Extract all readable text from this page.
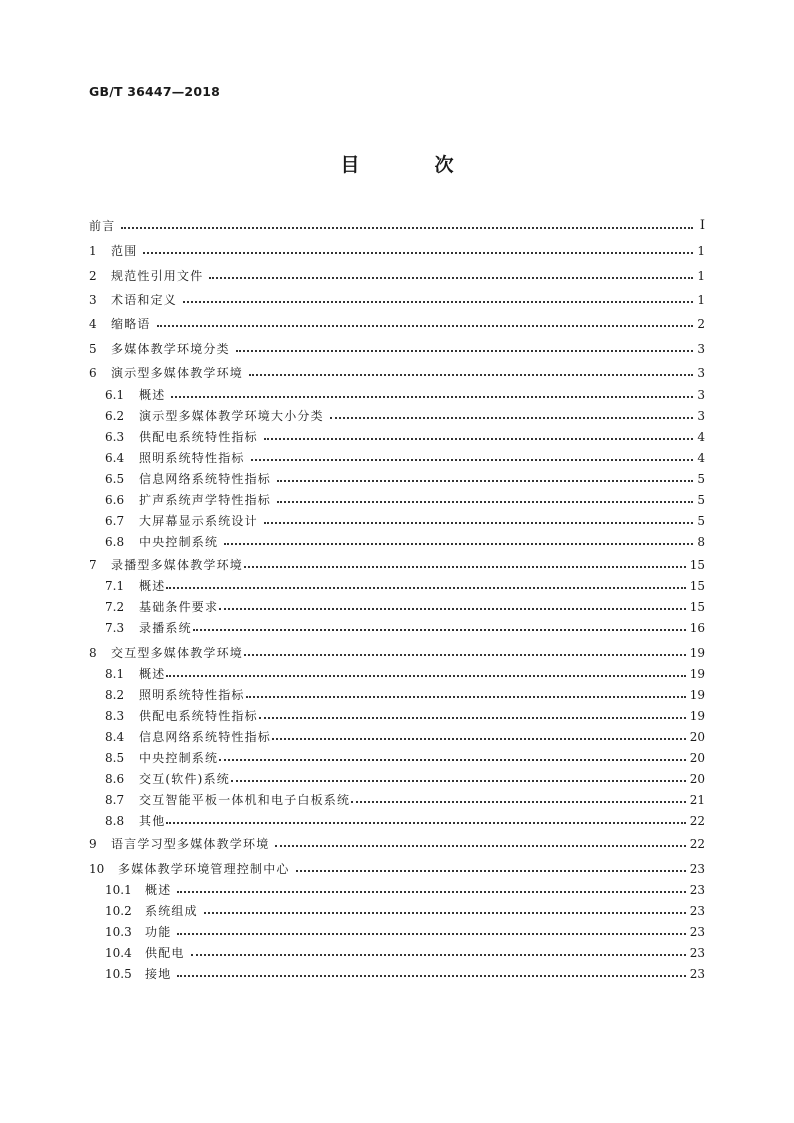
GB/T 36447—2018
目　次
前言	Ⅰ
1	范围	1
2	规范性引用文件	1
3	术语和定义	1
4	缩略语	2
5	多媒体教学环境分类	3
6	演示型多媒体教学环境	3
6.1	概述	3
6.2	演示型多媒体教学环境大小分类	3
6.3	供配电系统特性指标	4
6.4	照明系统特性指标	4
6.5	信息网络系统特性指标	5
6.6	扩声系统声学特性指标	5
6.7	大屏幕显示系统设计	5
6.8	中央控制系统	8
7	录播型多媒体教学环境	15
7.1	概述	15
7.2	基础条件要求	15
7.3	录播系统	16
8	交互型多媒体教学环境	19
8.1	概述	19
8.2	照明系统特性指标	19
8.3	供配电系统特性指标	19
8.4	信息网络系统特性指标	20
8.5	中央控制系统	20
8.6	交互(软件)系统	20
8.7	交互智能平板一体机和电子白板系统	21
8.8	其他	22
9	语言学习型多媒体教学环境	22
10	多媒体教学环境管理控制中心	23
10.1	概述	23
10.2	系统组成	23
10.3	功能	23
10.4	供配电	23
10.5	接地	23
